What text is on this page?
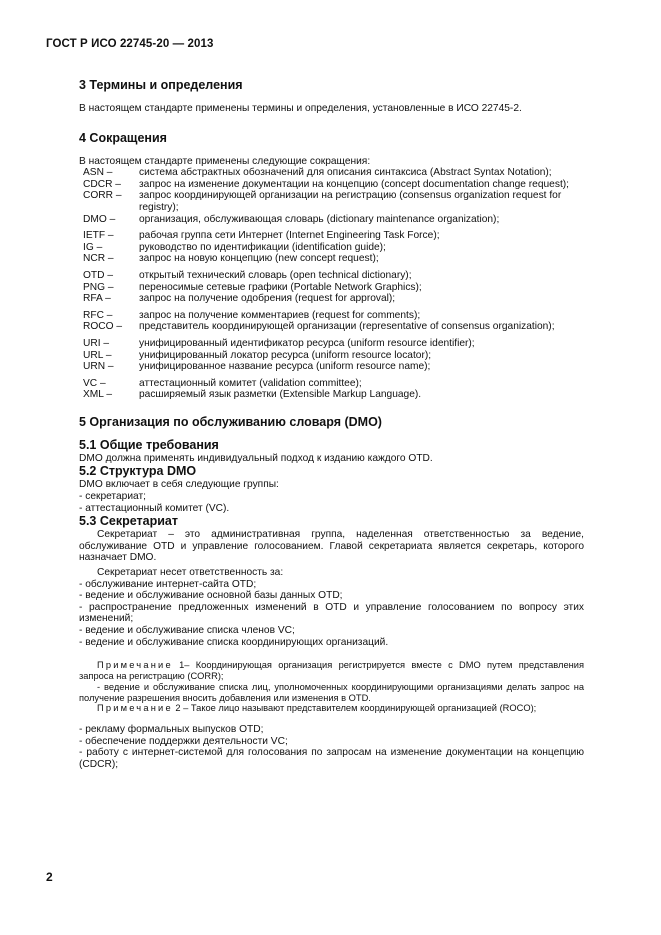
ГОСТ Р ИСО 22745-20 — 2013
3 Термины и определения
В настоящем стандарте применены термины и определения, установленные в ИСО 22745-2.
4 Сокращения
В настоящем стандарте применены следующие сокращения:
ASN –	система абстрактных обозначений для описания синтаксиса (Abstract Syntax Notation);
CDCR –	запрос на изменение документации на концепцию (concept documentation change request);
CORR –	запрос координирующей организации на регистрацию (consensus organization request for registry);
DMO –	организация, обслуживающая словарь (dictionary maintenance organization);
IETF –	рабочая группа сети Интернет (Internet Engineering Task Force);
IG –	руководство по идентификации (identification guide);
NCR –	запрос на новую концепцию (new concept request);
OTD –	открытый технический словарь (open technical dictionary);
PNG –	переносимые сетевые графики (Portable Network Graphics);
RFA –	запрос на получение одобрения (request for approval);
RFC –	запрос на получение комментариев (request for comments);
ROCO –	представитель координирующей организации (representative of consensus organization);
URI –	унифицированный идентификатор ресурса (uniform resource identifier);
URL –	унифицированный локатор ресурса (uniform resource locator);
URN –	унифицированное название ресурса (uniform resource name);
VC –	аттестационный комитет (validation committee);
XML –	расширяемый язык разметки (Extensible Markup Language).
5 Организация по обслуживанию словаря (DMO)
5.1 Общие требования
DMO должна применять индивидуальный подход к изданию каждого OTD.
5.2 Структура DMO
DMO включает в себя следующие группы:
- секретариат;
- аттестационный комитет (VC).
5.3 Секретариат
Секретариат – это административная группа, наделенная ответственностью за ведение, обслуживание OTD и управление голосованием. Главой секретариата является секретарь, которого назначает DMO.
Секретариат несет ответственность за:
- обслуживание интернет-сайта OTD;
- ведение и обслуживание основной базы данных OTD;
- распространение предложенных изменений в OTD и управление голосованием по вопросу этих изменений;
- ведение и обслуживание списка членов VC;
- ведение и обслуживание списка координирующих организаций.
Примечание 1– Координирующая организация регистрируется вместе с DMO путем представления запроса на регистрацию (CORR);
- ведение и обслуживание списка лиц, уполномоченных координирующими организациями делать запрос на получение разрешения вносить добавления или изменения в OTD.
Примечание 2 – Такое лицо называют представителем координирующей организацией (ROCO);
- рекламу формальных выпусков OTD;
- обеспечение поддержки деятельности VC;
- работу с интернет-системой для голосования по запросам на изменение документации на концепцию (CDCR);
2
